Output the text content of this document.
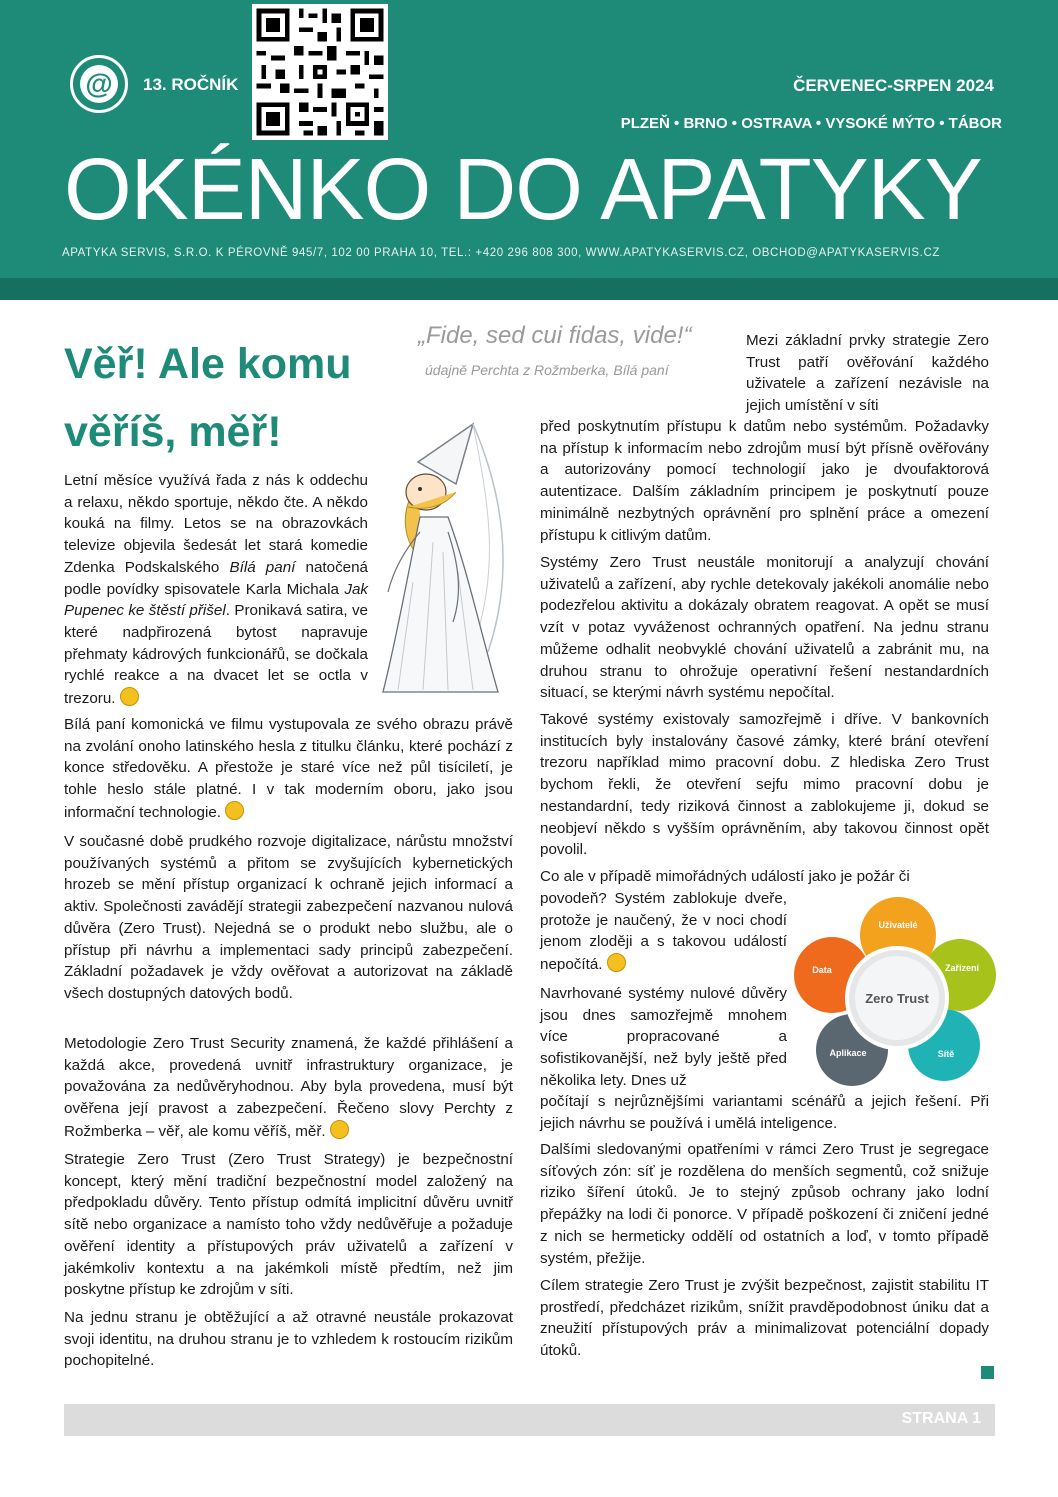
@	13. ROČNÍK	ČERVENEC-SRPEN 2024
PLZEŇ • BRNO • OSTRAVA • VYSOKÉ MÝTO • TÁBOR
OKÉNKO DO APATYKY
APATYKA SERVIS, S.R.O. K PÉROVNĚ 945/7, 102 00 PRAHA 10, TEL.: +420 296 808 300, WWW.APATYKASERVIS.CZ, OBCHOD@APATYKASERVIS.CZ
Věř! Ale komu
věříš, měř!
„Fide, sed cui fidas, vide!“
údajně Perchta z Rožmberka, Bílá paní
Letní měsíce využívá řada z nás k oddechu a relaxu, někdo sportuje, někdo čte. A někdo kouká na filmy. Letos se na obrazovkách televize objevila šedesát let stará komedie Zdenka Podskalského Bílá paní natočená podle povídky spisovatele Karla Michala Jak Pupenec ke štěstí přišel. Pronikavá satira, ve které nadpřirozená bytost napravuje přehmaty kádrových funkcionářů, se dočkala rychlé reakce a na dvacet let se octla v trezoru.
Bílá paní komonická ve filmu vystupovala ze svého obrazu právě na zvolání onoho latinského hesla z titulku článku, které pochází z konce středověku. A přestože je staré více než půl tisíciletí, je tohle heslo stále platné. I v tak moderním oboru, jako jsou informační technologie.
V současné době prudkého rozvoje digitalizace, nárůstu množství používaných systémů a přitom se zvyšujících kybernetických hrozeb se mění přístup organizací k ochraně jejich informací a aktiv. Společnosti zavádějí strategii zabezpečení nazvanou nulová důvěra (Zero Trust). Nejedná se o produkt nebo službu, ale o přístup při návrhu a implementaci sady principů zabezpečení. Základní požadavek je vždy ověřovat a autorizovat na základě všech dostupných datových bodů.
Metodologie Zero Trust Security znamená, že každé přihlášení a každá akce, provedená uvnitř infrastruktury organizace, je považována za nedůvěryhodnou. Aby byla provedena, musí být ověřena její pravost a zabezpečení. Řečeno slovy Perchty z Rožmberka – věř, ale komu věříš, měř.
Strategie Zero Trust (Zero Trust Strategy) je bezpečnostní koncept, který mění tradiční bezpečnostní model založený na předpokladu důvěry. Tento přístup odmítá implicitní důvěru uvnitř sítě nebo organizace a namísto toho vždy nedůvěřuje a požaduje ověření identity a přístupových práv uživatelů a zařízení v jakémkoliv kontextu a na jakémkoli místě předtím, než jim poskytne přístup ke zdrojům v síti.
Na jednu stranu je obtěžující a až otravné neustále prokazovat svoji identitu, na druhou stranu je to vzhledem k rostoucím rizikům pochopitelné.
Mezi základní prvky strategie Zero Trust patří ověřování každého uživatele a zařízení nezávisle na jejich umístění v síti
před poskytnutím přístupu k datům nebo systémům. Požadavky na přístup k informacím nebo zdrojům musí být přísně ověřovány a autorizovány pomocí technologií jako je dvoufaktorová autentizace. Dalším základním principem je poskytnutí pouze minimálně nezbytných oprávnění pro splnění práce a omezení přístupu k citlivým datům.
Systémy Zero Trust neustále monitorují a analyzují chování uživatelů a zařízení, aby rychle detekovaly jakékoli anomálie nebo podezřelou aktivitu a dokázaly obratem reagovat. A opět se musí vzít v potaz vyváženost ochranných opatření. Na jednu stranu můžeme odhalit neobvyklé chování uživatelů a zabránit mu, na druhou stranu to ohrožuje operativní řešení nestandardních situací, se kterými návrh systému nepočítal.
Takové systémy existovaly samozřejmě i dříve. V bankovních institucích byly instalovány časové zámky, které brání otevření trezoru například mimo pracovní dobu. Z hlediska Zero Trust bychom řekli, že otevření sejfu mimo pracovní dobu je nestandardní, tedy riziková činnost a zablokujeme ji, dokud se neobjeví někdo s vyšším oprávněním, aby takovou činnost opět povolil.
Co ale v případě mimořádných událostí jako je požár či
povodeň? Systém zablokuje dveře, protože je naučený, že v noci chodí jenom zloději a s takovou událostí nepočítá.
Navrhované systémy nulové důvěry jsou dnes samozřejmě mnohem více propracované a sofistikovanější, než byly ještě před několika lety. Dnes už
počítají s nejrůznějšími variantami scénářů a jejich řešení. Při jejich návrhu se používá i umělá inteligence.
Dalšími sledovanými opatřeními v rámci Zero Trust je segregace síťových zón: síť je rozdělena do menších segmentů, což snižuje riziko šíření útoků. Je to stejný způsob ochrany jako lodní přepážky na lodi či ponorce. V případě poškození či zničení jedné z nich se hermeticky oddělí od ostatních a loď, v tomto případě systém, přežije.
Cílem strategie Zero Trust je zvýšit bezpečnost, zajistit stabilitu IT prostředí, předcházet rizikům, snížit pravděpodobnost úniku dat a zneužití přístupových práv a minimalizovat potenciální dopady útoků.
Zero Trust
Uživatelé
Zařízení
Sítě
Aplikace
Data
STRANA 1
